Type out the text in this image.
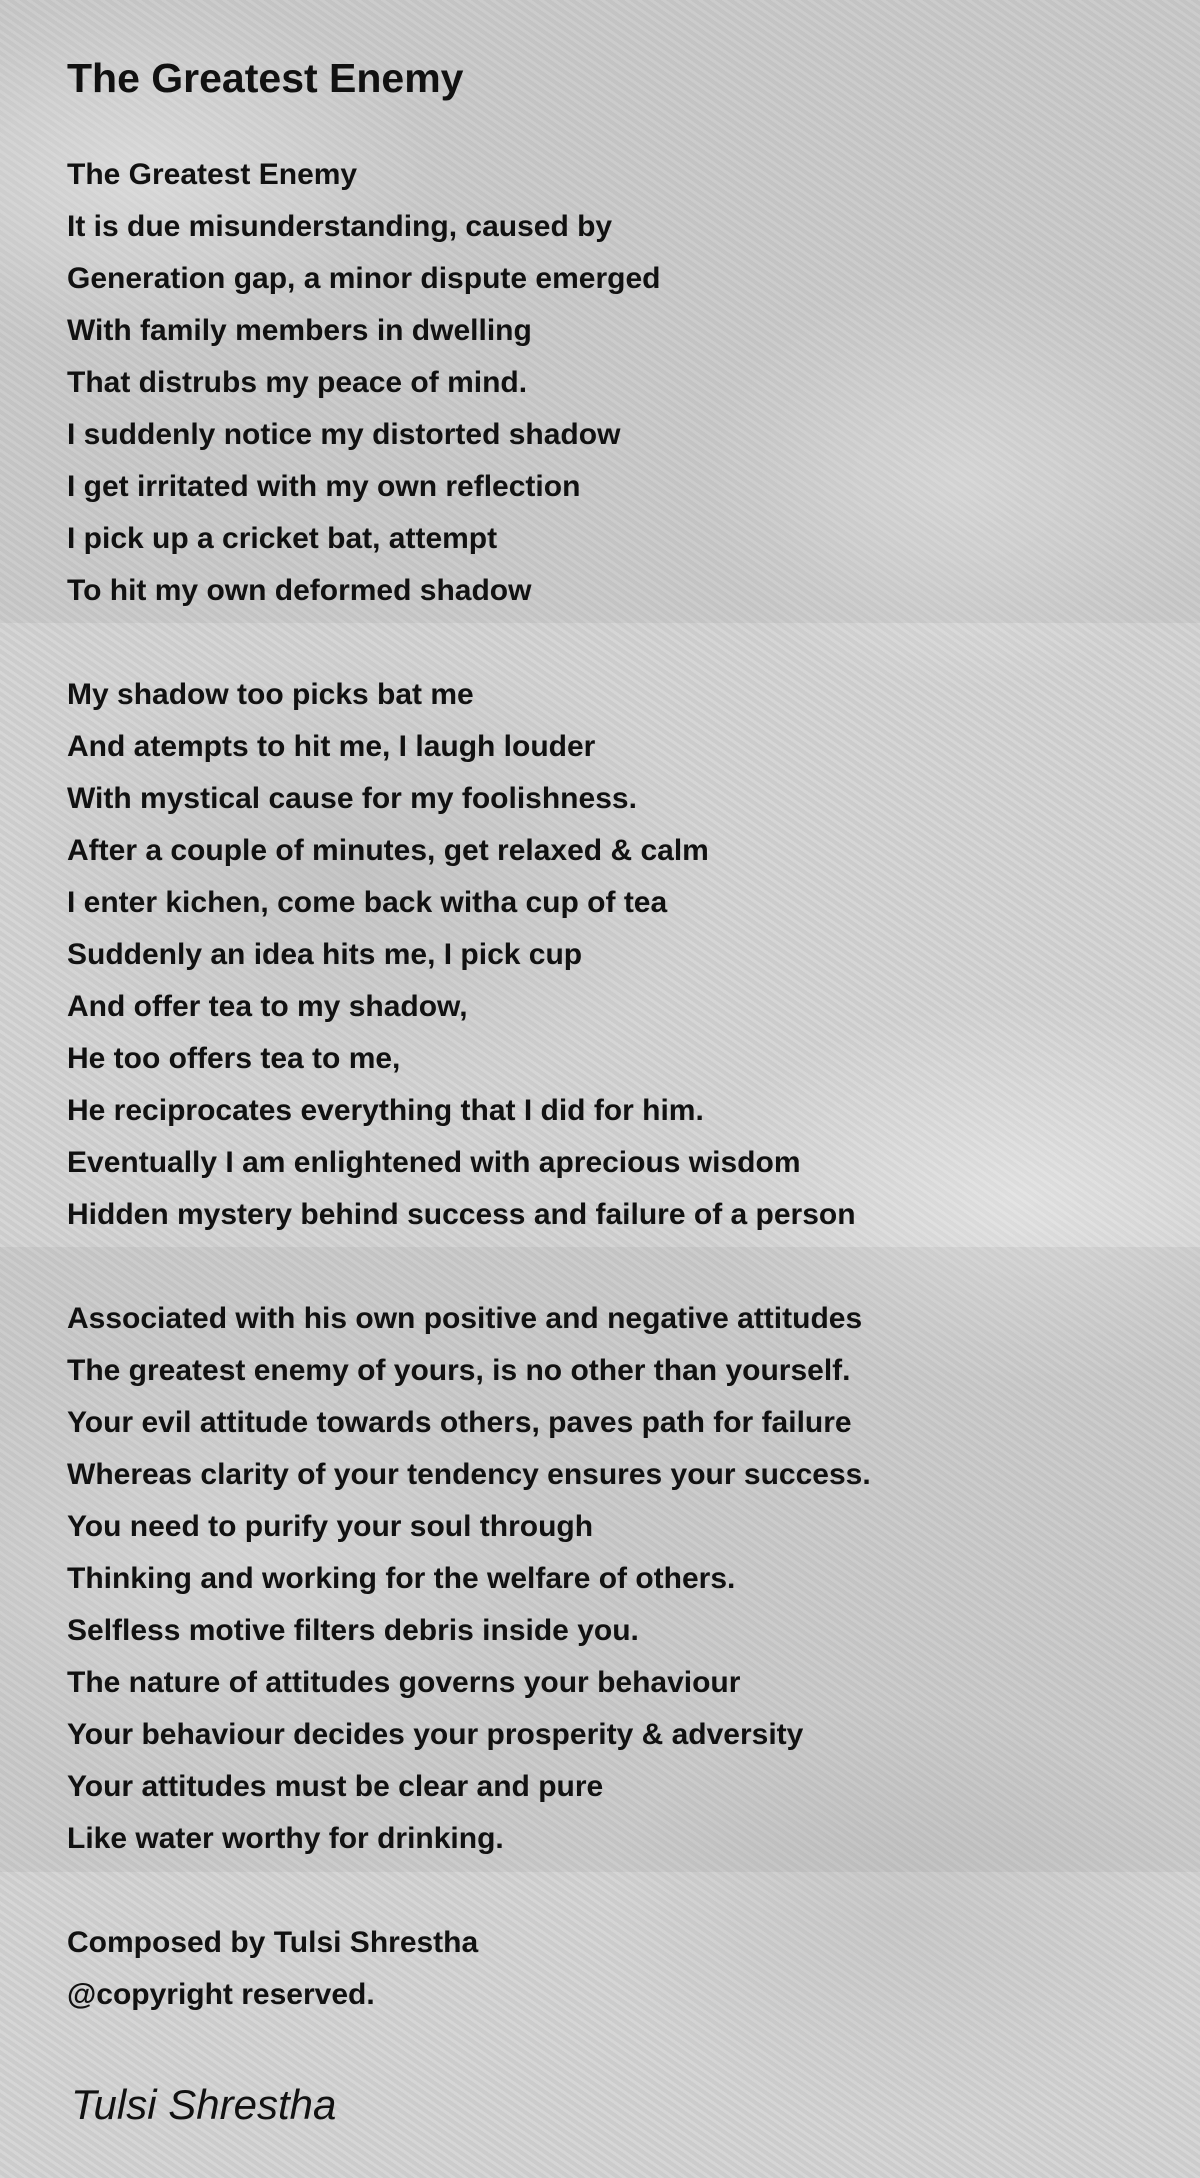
The Greatest Enemy

The Greatest Enemy

It is due misunderstanding, caused by

Generation gap, a minor dispute emerged

With family members in dwelling

That distrubs my peace of mind.

I suddenly notice my distorted shadow

I get irritated with my own reflection

I pick up a cricket bat, attempt

To hit my own deformed shadow

My shadow too picks bat me

And atempts to hit me, I laugh louder

With mystical cause for my foolishness.

After a couple of minutes, get relaxed & calm

I enter kichen, come back witha cup of tea

Suddenly an idea hits me, I pick cup

And offer tea to my shadow,

He too offers tea to me,

He reciprocates everything that I did for him.

Eventually I am enlightened with aprecious wisdom

Hidden mystery behind success and failure of a person

Associated with his own positive and negative attitudes

The greatest enemy of yours, is no other than yourself.

Your evil attitude towards others, paves path for failure

Whereas clarity of your tendency ensures your success.

You need to purify your soul through

Thinking and working for the welfare of others.

Selfless motive filters debris inside you.

The nature of attitudes governs your behaviour

Your behaviour decides your prosperity & adversity

Your attitudes must be clear and pure

Like water worthy for drinking.

Composed by Tulsi Shrestha

@copyright reserved.

Tulsi Shrestha
